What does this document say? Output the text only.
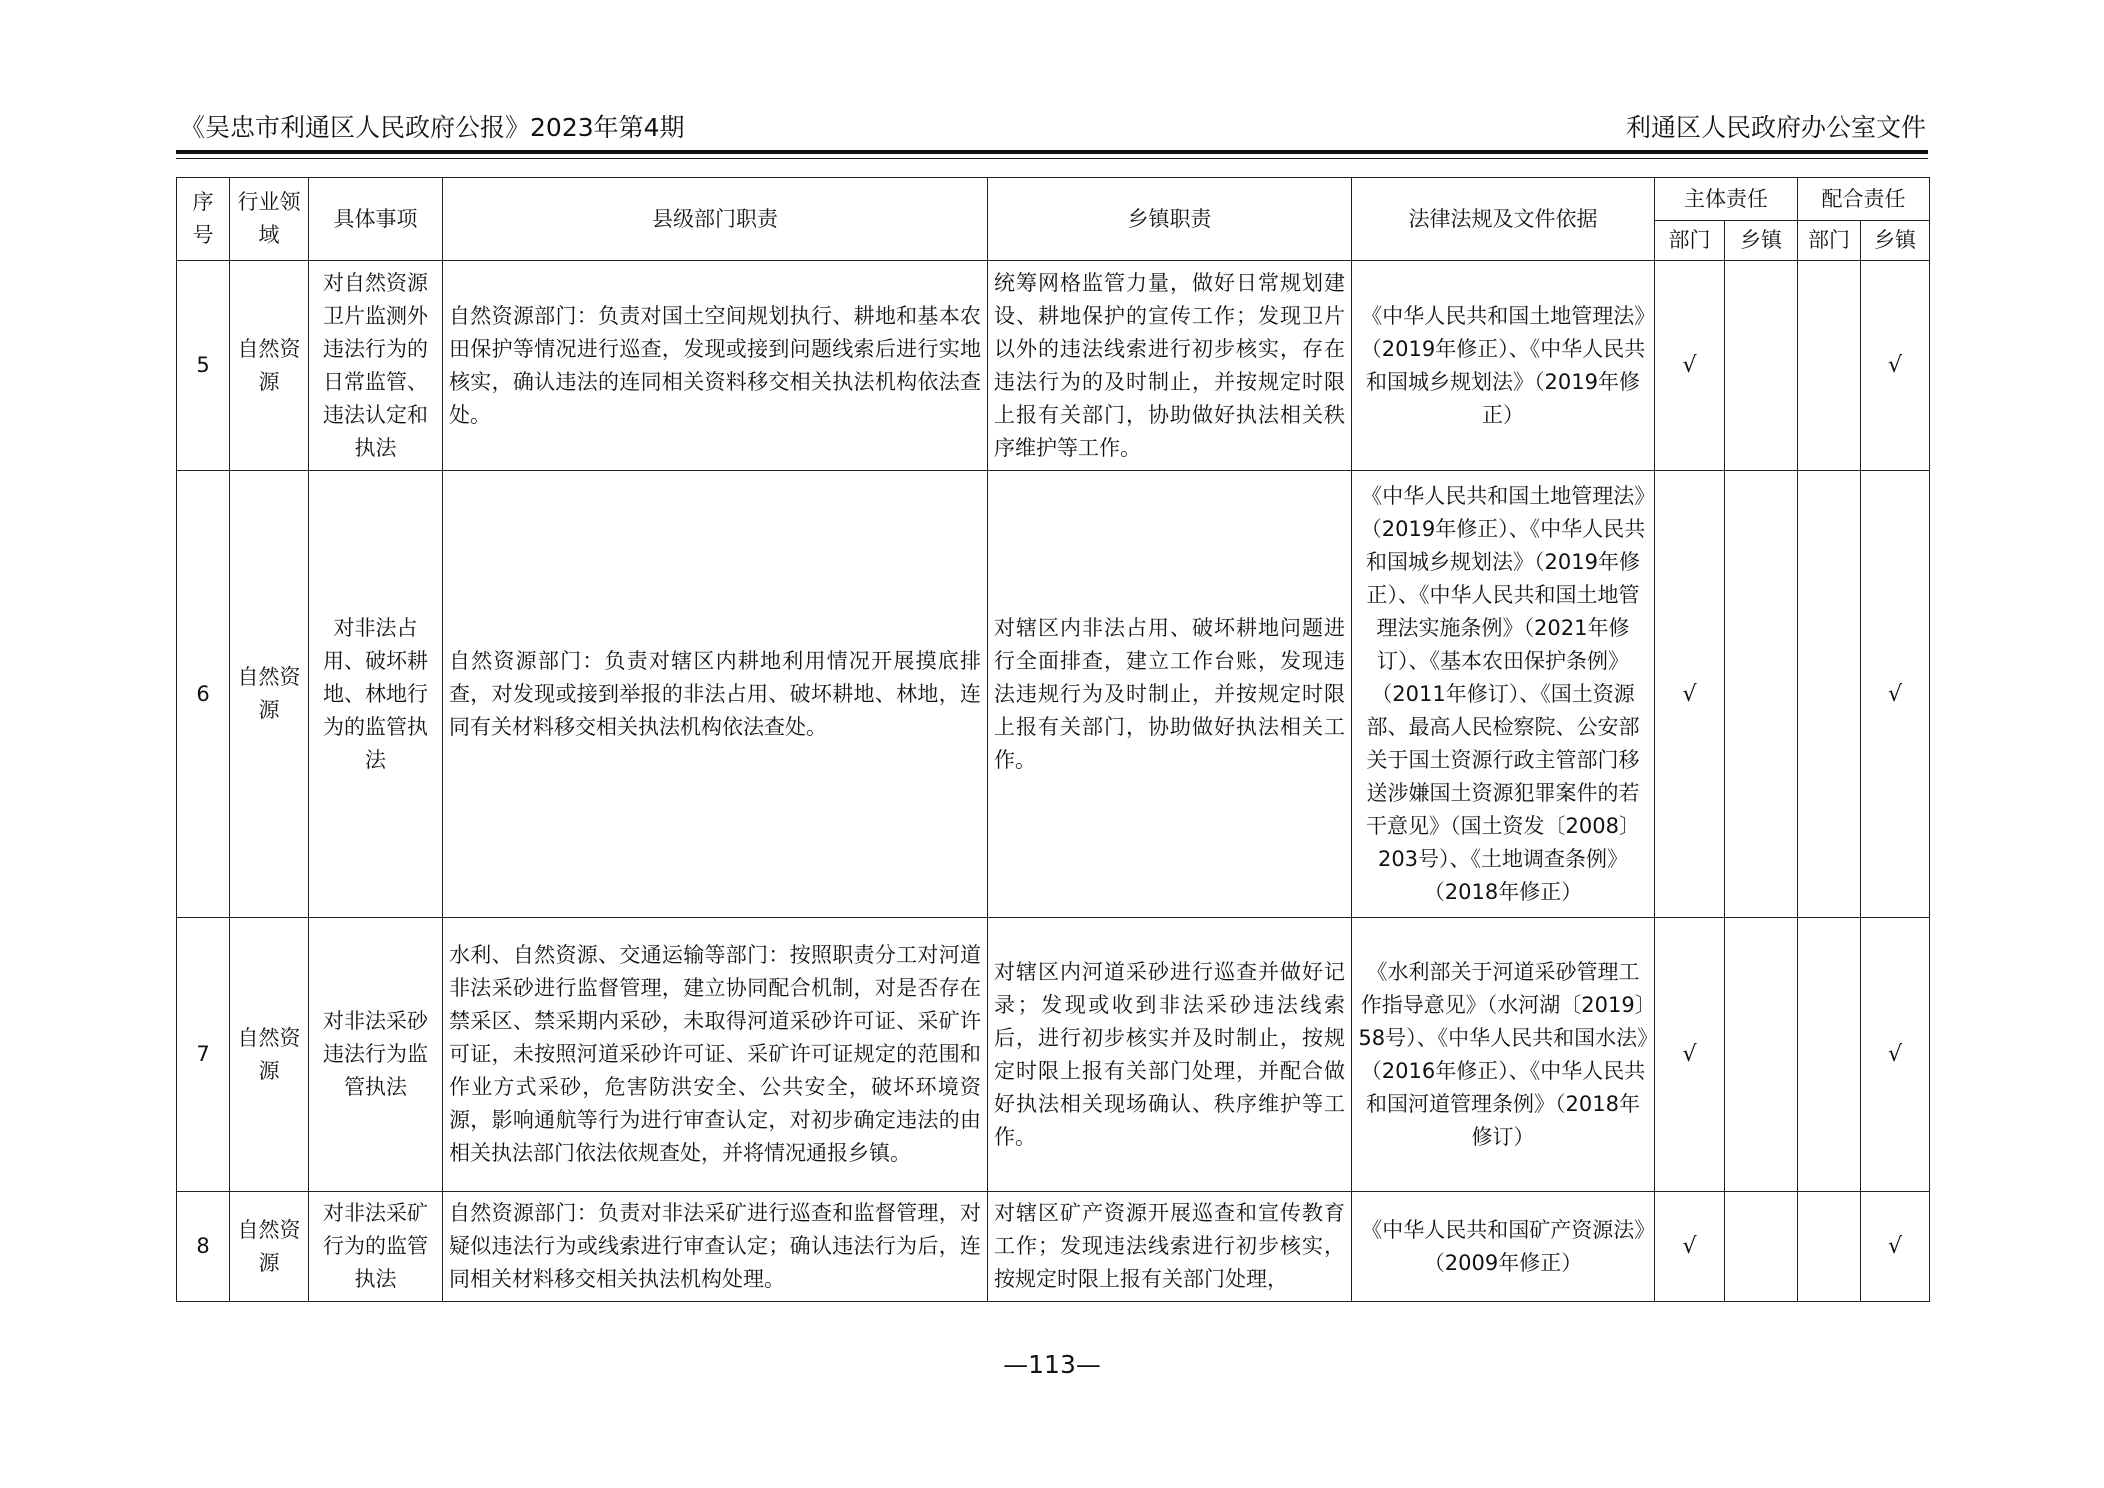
《吴忠市利通区人民政府公报》2023年第4期	利通区人民政府办公室文件
序号	行业领域	具体事项	县级部门职责	乡镇职责	法律法规及文件依据	主体责任		配合责任	
						部门	乡镇	部门	乡镇
5	自然资源	对自然资源卫片监测外违法行为的日常监管、违法认定和执法	自然资源部门：负责对国土空间规划执行、耕地和基本农田保护等情况进行巡查，发现或接到问题线索后进行实地核实，确认违法的连同相关资料移交相关执法机构依法查处。	统筹网格监管力量，做好日常规划建设、耕地保护的宣传工作；发现卫片以外的违法线索进行初步核实，存在违法行为的及时制止，并按规定时限上报有关部门，协助做好执法相关秩序维护等工作。	《中华人民共和国土地管理法》（2019年修正）、《中华人民共和国城乡规划法》（2019年修正）	√			√
6	自然资源	对非法占用、破坏耕地、林地行为的监管执法	自然资源部门：负责对辖区内耕地利用情况开展摸底排查，对发现或接到举报的非法占用、破坏耕地、林地，连同有关材料移交相关执法机构依法查处。	对辖区内非法占用、破坏耕地问题进行全面排查，建立工作台账，发现违法违规行为及时制止，并按规定时限上报有关部门，协助做好执法相关工作。	《中华人民共和国土地管理法》（2019年修正）、《中华人民共和国城乡规划法》（2019年修正）、《中华人民共和国土地管理法实施条例》（2021年修订）、《基本农田保护条例》（2011年修订）、《国土资源部、最高人民检察院、公安部关于国土资源行政主管部门移送涉嫌国土资源犯罪案件的若干意见》（国土资发〔2008〕203号）、《土地调查条例》（2018年修正）	√			√
7	自然资源	对非法采砂违法行为监管执法	水利、自然资源、交通运输等部门：按照职责分工对河道非法采砂进行监督管理，建立协同配合机制，对是否存在禁采区、禁采期内采砂，未取得河道采砂许可证、采矿许可证，未按照河道采砂许可证、采矿许可证规定的范围和作业方式采砂，危害防洪安全、公共安全，破坏环境资源，影响通航等行为进行审查认定，对初步确定违法的由相关执法部门依法依规查处，并将情况通报乡镇。	对辖区内河道采砂进行巡查并做好记录；发现或收到非法采砂违法线索后，进行初步核实并及时制止，按规定时限上报有关部门处理，并配合做好执法相关现场确认、秩序维护等工作。	《水利部关于河道采砂管理工作指导意见》（水河湖〔2019〕58号）、《中华人民共和国水法》（2016年修正）、《中华人民共和国河道管理条例》（2018年修订）	√			√
8	自然资源	对非法采矿行为的监管执法	自然资源部门：负责对非法采矿进行巡查和监督管理，对疑似违法行为或线索进行审查认定；确认违法行为后，连同相关材料移交相关执法机构处理。	对辖区矿产资源开展巡查和宣传教育工作；发现违法线索进行初步核实，按规定时限上报有关部门处理，	《中华人民共和国矿产资源法》（2009年修正）	√			√
—113—
